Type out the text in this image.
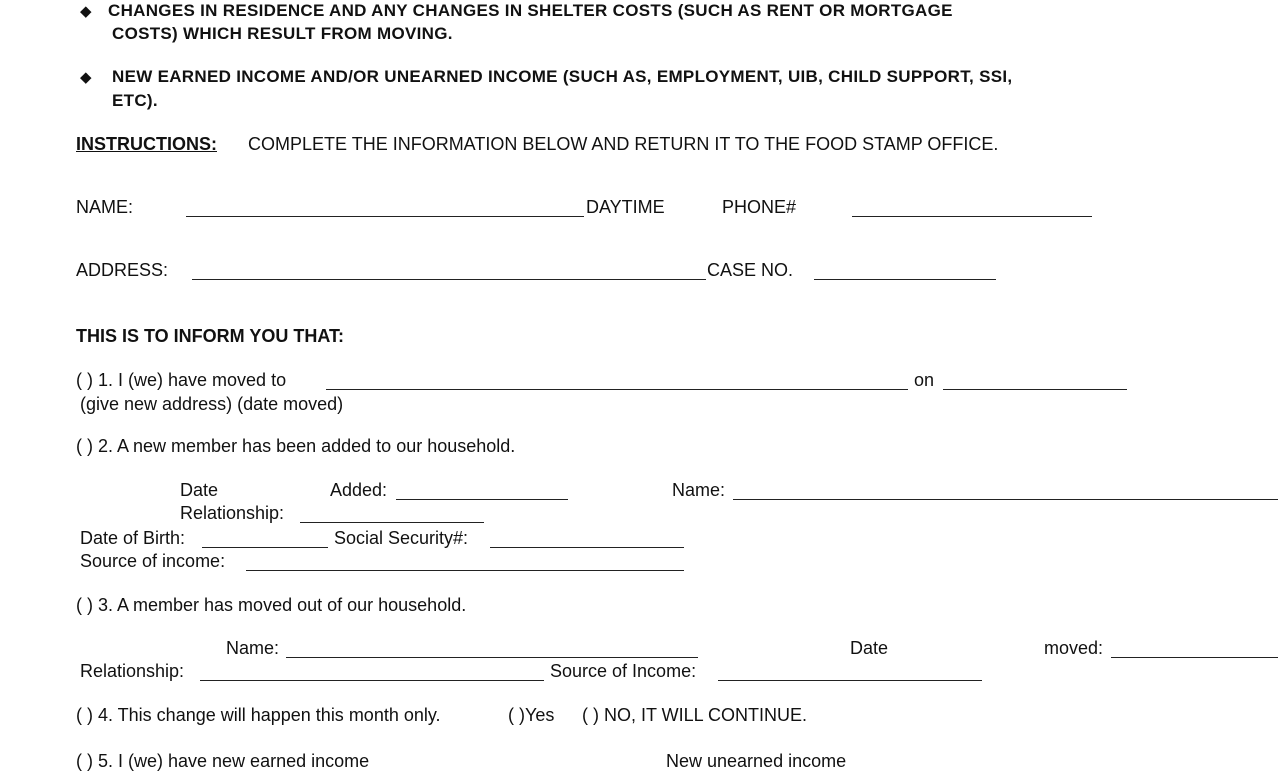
◆ CHANGES IN RESIDENCE AND ANY CHANGES IN SHELTER COSTS (SUCH AS RENT OR MORTGAGE
COSTS) WHICH RESULT FROM MOVING.
◆ NEW EARNED INCOME AND/OR UNEARNED INCOME (SUCH AS, EMPLOYMENT, UIB, CHILD SUPPORT, SSI,
ETC).
INSTRUCTIONS: COMPLETE THE INFORMATION BELOW AND RETURN IT TO THE FOOD STAMP OFFICE.
NAME:	DAYTIME	PHONE#
ADDRESS:	CASE NO.
THIS IS TO INFORM YOU THAT:
( ) 1. I (we) have moved to	on
(give new address) (date moved)
( ) 2. A new member has been added to our household.
Date	Added:	Name:
Relationship:
Date of Birth:	Social Security#:
Source of income:
( ) 3. A member has moved out of our household.
Name:	Date	moved:
Relationship:	Source of Income:
( ) 4. This change will happen this month only.	( )Yes ( ) NO, IT WILL CONTINUE.
( ) 5. I (we) have new earned income	New unearned income
